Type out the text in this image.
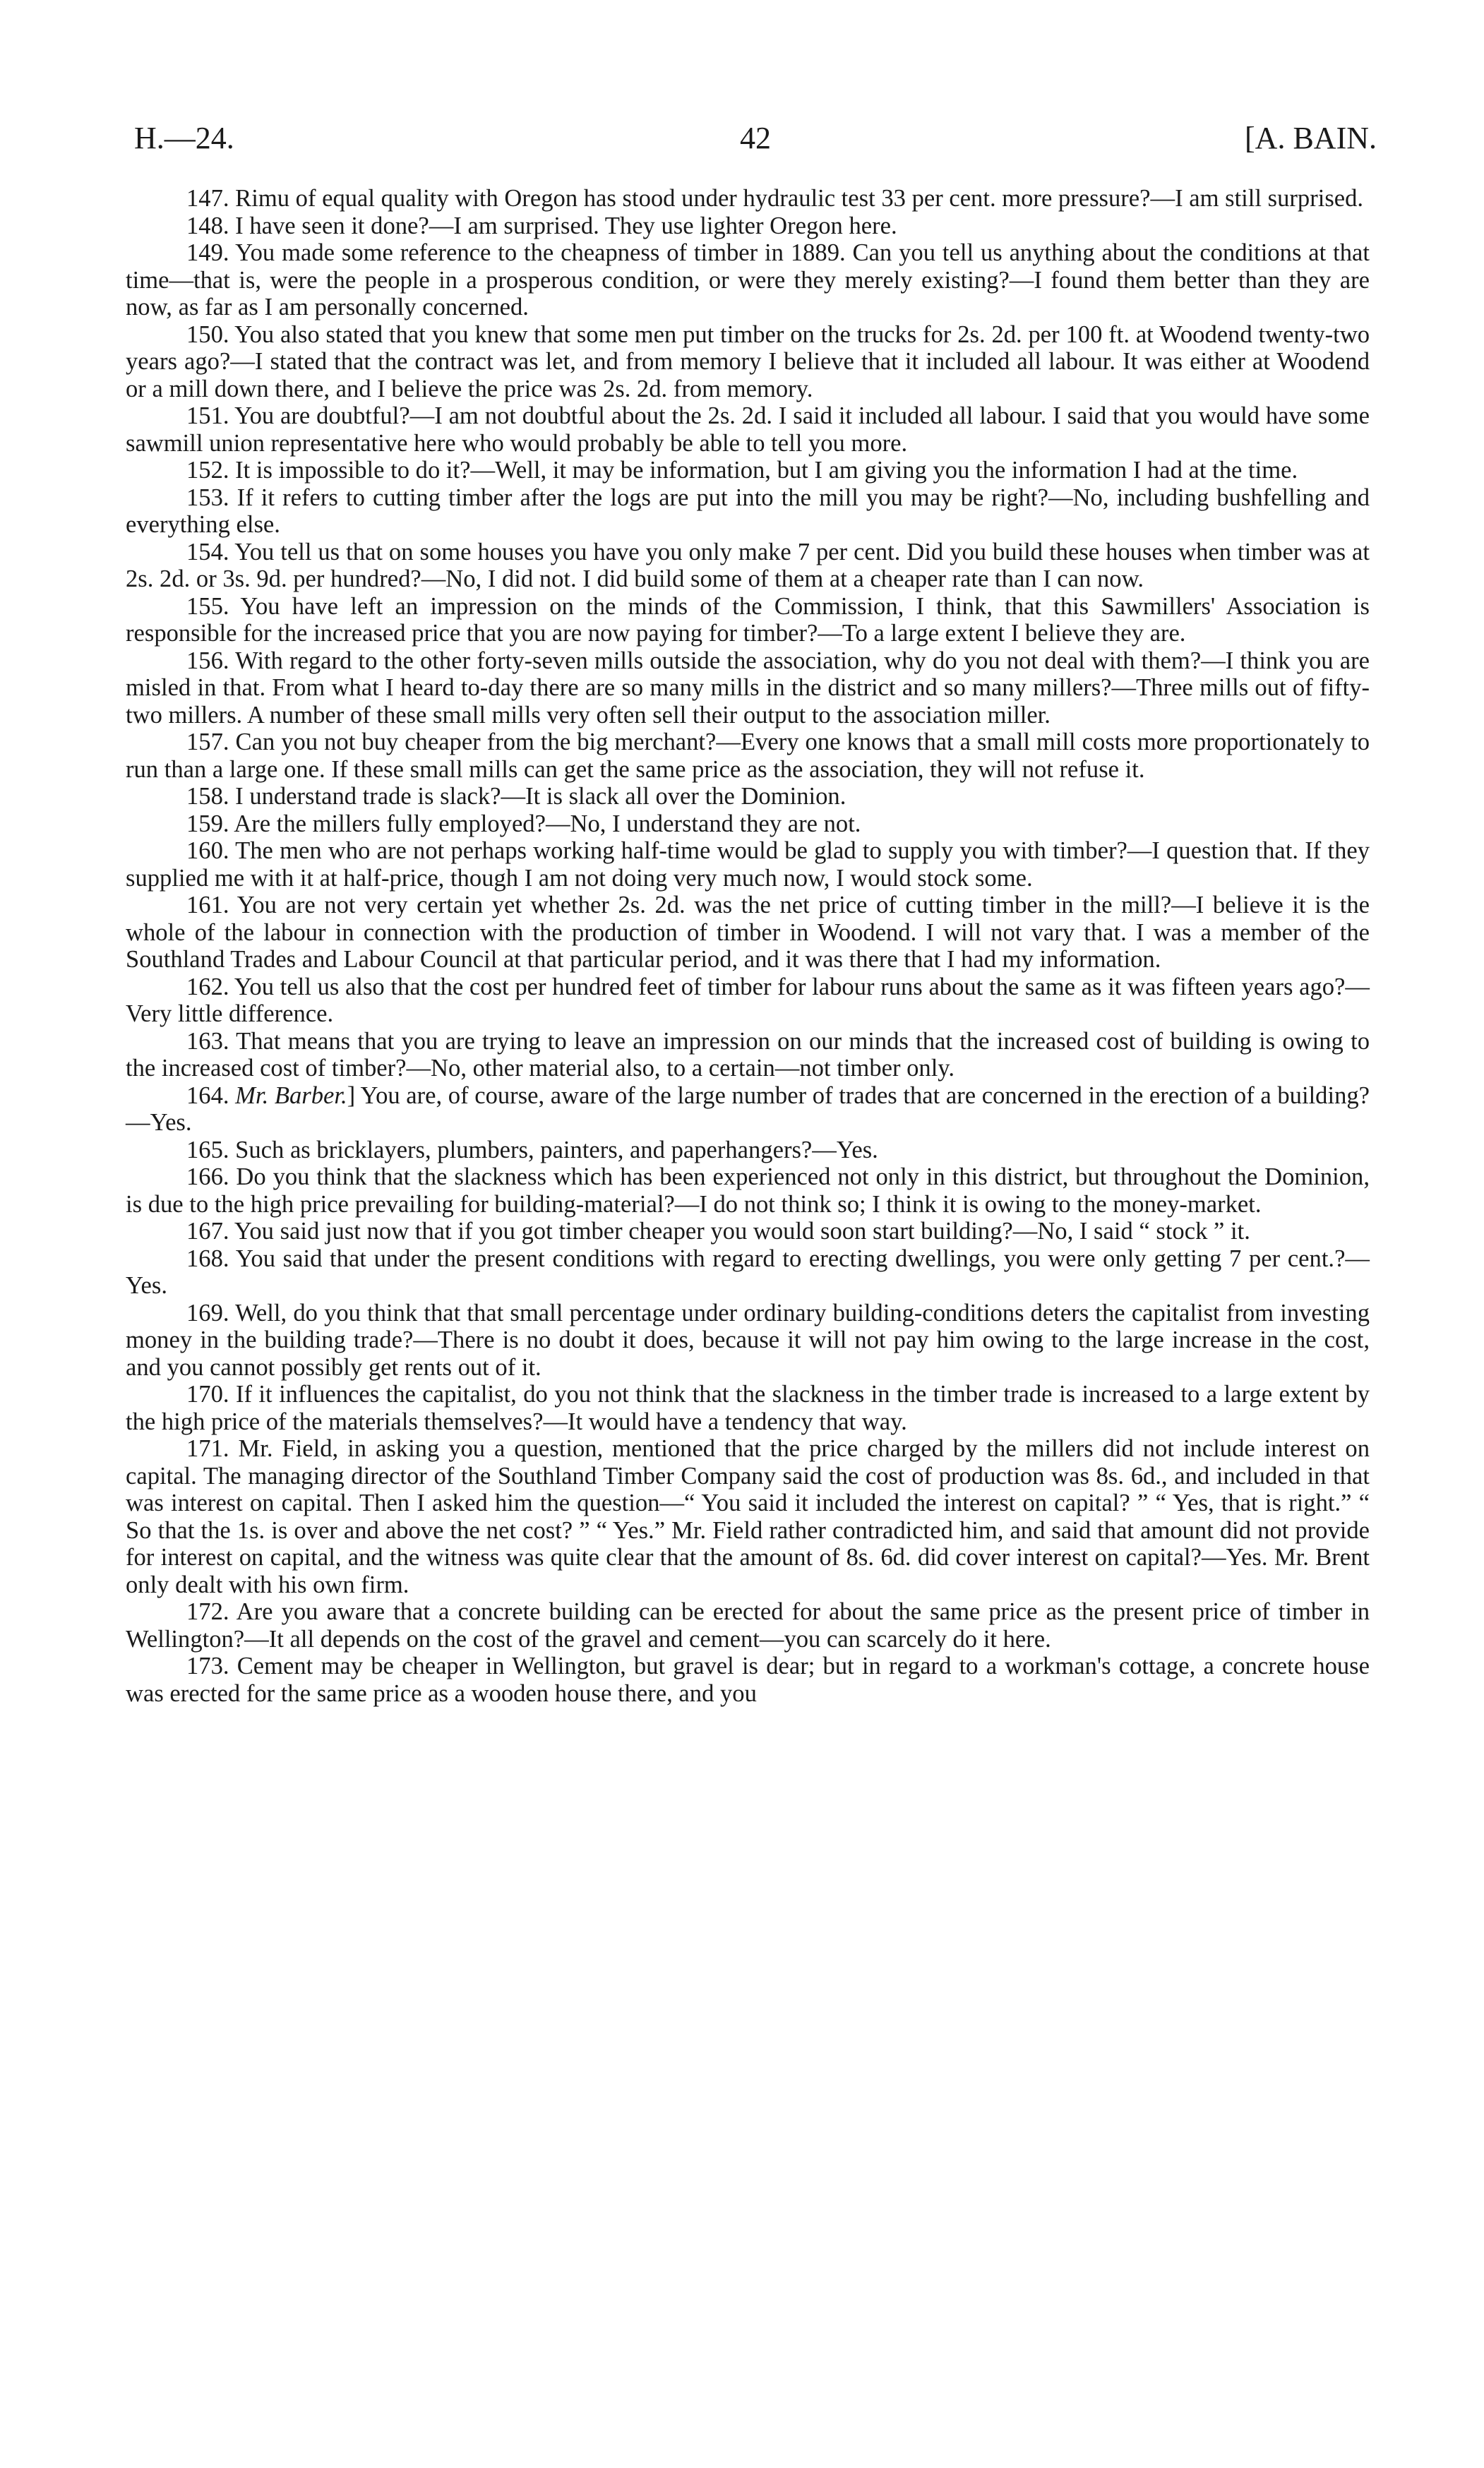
H.—24.	42	[A. BAIN.

147. Rimu of equal quality with Oregon has stood under hydraulic test 33 per cent. more pressure?—I am still surprised.

148. I have seen it done?—I am surprised. They use lighter Oregon here.

149. You made some reference to the cheapness of timber in 1889. Can you tell us anything about the conditions at that time—that is, were the people in a prosperous condition, or were they merely existing?—I found them better than they are now, as far as I am personally concerned.

150. You also stated that you knew that some men put timber on the trucks for 2s. 2d. per 100 ft. at Woodend twenty-two years ago?—I stated that the contract was let, and from memory I believe that it included all labour. It was either at Woodend or a mill down there, and I believe the price was 2s. 2d. from memory.

151. You are doubtful?—I am not doubtful about the 2s. 2d. I said it included all labour. I said that you would have some sawmill union representative here who would probably be able to tell you more.

152. It is impossible to do it?—Well, it may be information, but I am giving you the information I had at the time.

153. If it refers to cutting timber after the logs are put into the mill you may be right?—No, including bushfelling and everything else.

154. You tell us that on some houses you have you only make 7 per cent. Did you build these houses when timber was at 2s. 2d. or 3s. 9d. per hundred?—No, I did not. I did build some of them at a cheaper rate than I can now.

155. You have left an impression on the minds of the Commission, I think, that this Sawmillers' Association is responsible for the increased price that you are now paying for timber?—To a large extent I believe they are.

156. With regard to the other forty-seven mills outside the association, why do you not deal with them?—I think you are misled in that. From what I heard to-day there are so many mills in the district and so many millers?—Three mills out of fifty-two millers. A number of these small mills very often sell their output to the association miller.

157. Can you not buy cheaper from the big merchant?—Every one knows that a small mill costs more proportionately to run than a large one. If these small mills can get the same price as the association, they will not refuse it.

158. I understand trade is slack?—It is slack all over the Dominion.

159. Are the millers fully employed?—No, I understand they are not.

160. The men who are not perhaps working half-time would be glad to supply you with timber?—I question that. If they supplied me with it at half-price, though I am not doing very much now, I would stock some.

161. You are not very certain yet whether 2s. 2d. was the net price of cutting timber in the mill?—I believe it is the whole of the labour in connection with the production of timber in Woodend. I will not vary that. I was a member of the Southland Trades and Labour Council at that particular period, and it was there that I had my information.

162. You tell us also that the cost per hundred feet of timber for labour runs about the same as it was fifteen years ago?—Very little difference.

163. That means that you are trying to leave an impression on our minds that the increased cost of building is owing to the increased cost of timber?—No, other material also, to a certain—not timber only.

164. Mr. Barber.] You are, of course, aware of the large number of trades that are concerned in the erection of a building?—Yes.

165. Such as bricklayers, plumbers, painters, and paperhangers?—Yes.

166. Do you think that the slackness which has been experienced not only in this district, but throughout the Dominion, is due to the high price prevailing for building-material?—I do not think so; I think it is owing to the money-market.

167. You said just now that if you got timber cheaper you would soon start building?—No, I said “ stock ” it.

168. You said that under the present conditions with regard to erecting dwellings, you were only getting 7 per cent.?—Yes.

169. Well, do you think that that small percentage under ordinary building-conditions deters the capitalist from investing money in the building trade?—There is no doubt it does, because it will not pay him owing to the large increase in the cost, and you cannot possibly get rents out of it.

170. If it influences the capitalist, do you not think that the slackness in the timber trade is increased to a large extent by the high price of the materials themselves?—It would have a tendency that way.

171. Mr. Field, in asking you a question, mentioned that the price charged by the millers did not include interest on capital. The managing director of the Southland Timber Company said the cost of production was 8s. 6d., and included in that was interest on capital. Then I asked him the question—“ You said it included the interest on capital? ” “ Yes, that is right.” “ So that the 1s. is over and above the net cost? ” “ Yes.” Mr. Field rather contradicted him, and said that amount did not provide for interest on capital, and the witness was quite clear that the amount of 8s. 6d. did cover interest on capital?—Yes. Mr. Brent only dealt with his own firm.

172. Are you aware that a concrete building can be erected for about the same price as the present price of timber in Wellington?—It all depends on the cost of the gravel and cement—you can scarcely do it here.

173. Cement may be cheaper in Wellington, but gravel is dear; but in regard to a workman's cottage, a concrete house was erected for the same price as a wooden house there, and you
